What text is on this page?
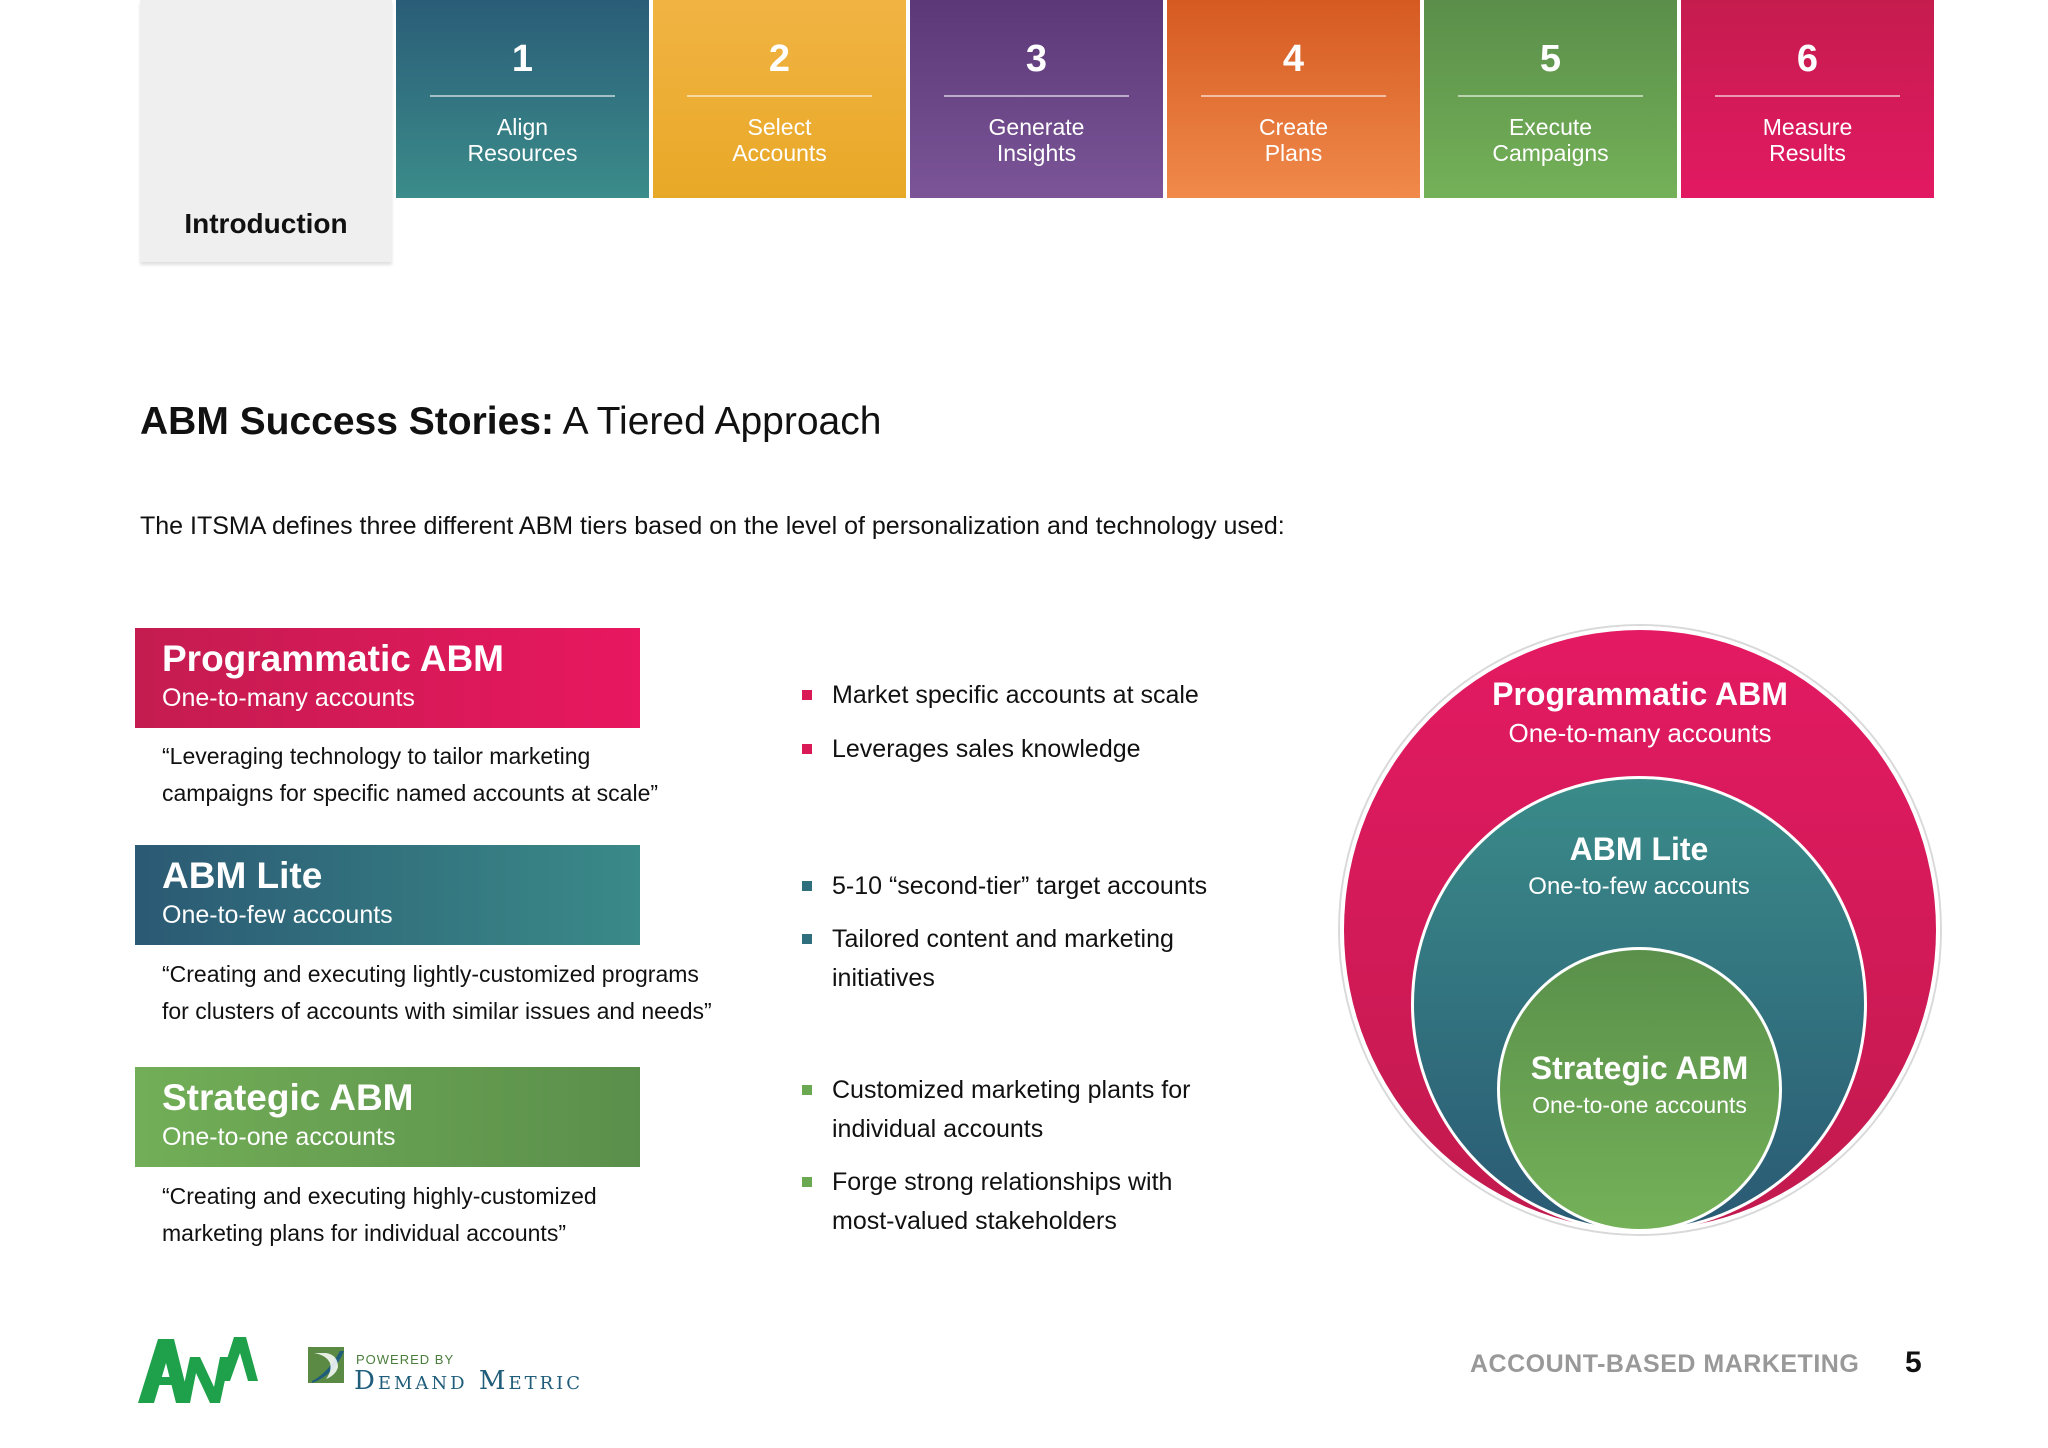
Introduction
1
Align
Resources
2
Select
Accounts
3
Generate
Insights
4
Create
Plans
5
Execute
Campaigns
6
Measure
Results
ABM Success Stories: A Tiered Approach
The ITSMA defines three different ABM tiers based on the level of personalization and technology used:
Programmatic ABM
One-to-many accounts
“Leveraging technology to tailor marketing
campaigns for specific named accounts at scale”
Market specific accounts at scale
Leverages sales knowledge
ABM Lite
One-to-few accounts
“Creating and executing lightly-customized programs
for clusters of accounts with similar issues and needs”
5-10 “second-tier” target accounts
Tailored content and marketing
initiatives
Strategic ABM
One-to-one accounts
“Creating and executing highly-customized
marketing plans for individual accounts”
Customized marketing plants for
individual accounts
Forge strong relationships with
most-valued stakeholders
Programmatic ABM
One-to-many accounts
ABM Lite
One-to-few accounts
Strategic ABM
One-to-one accounts
POWERED BY
Demand Metric
ACCOUNT-BASED MARKETING 5
